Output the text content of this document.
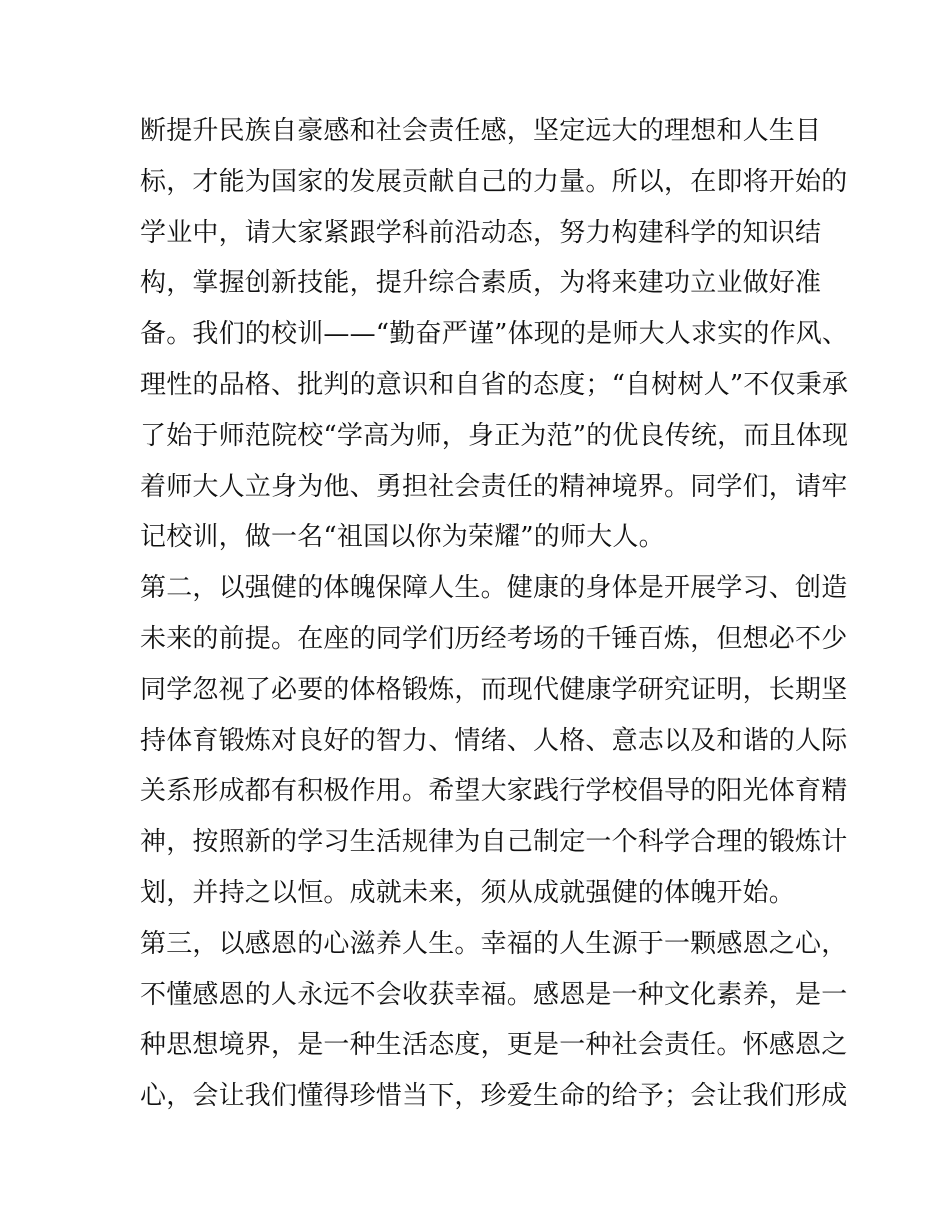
断提升民族自豪感和社会责任感，坚定远大的理想和人生目
标，才能为国家的发展贡献自己的力量。所以，在即将开始的
学业中，请大家紧跟学科前沿动态，努力构建科学的知识结
构，掌握创新技能，提升综合素质，为将来建功立业做好准
备。我们的校训——“勤奋严谨”体现的是师大人求实的作风、
理性的品格、批判的意识和自省的态度；“自树树人”不仅秉承
了始于师范院校“学高为师，身正为范”的优良传统，而且体现
着师大人立身为他、勇担社会责任的精神境界。同学们，请牢
记校训，做一名“祖国以你为荣耀”的师大人。
第二，以强健的体魄保障人生。健康的身体是开展学习、创造
未来的前提。在座的同学们历经考场的千锤百炼，但想必不少
同学忽视了必要的体格锻炼，而现代健康学研究证明，长期坚
持体育锻炼对良好的智力、情绪、人格、意志以及和谐的人际
关系形成都有积极作用。希望大家践行学校倡导的阳光体育精
神，按照新的学习生活规律为自己制定一个科学合理的锻炼计
划，并持之以恒。成就未来，须从成就强健的体魄开始。
第三，以感恩的心滋养人生。幸福的人生源于一颗感恩之心，
不懂感恩的人永远不会收获幸福。感恩是一种文化素养，是一
种思想境界，是一种生活态度，更是一种社会责任。怀感恩之
心，会让我们懂得珍惜当下，珍爱生命的给予；会让我们形成
